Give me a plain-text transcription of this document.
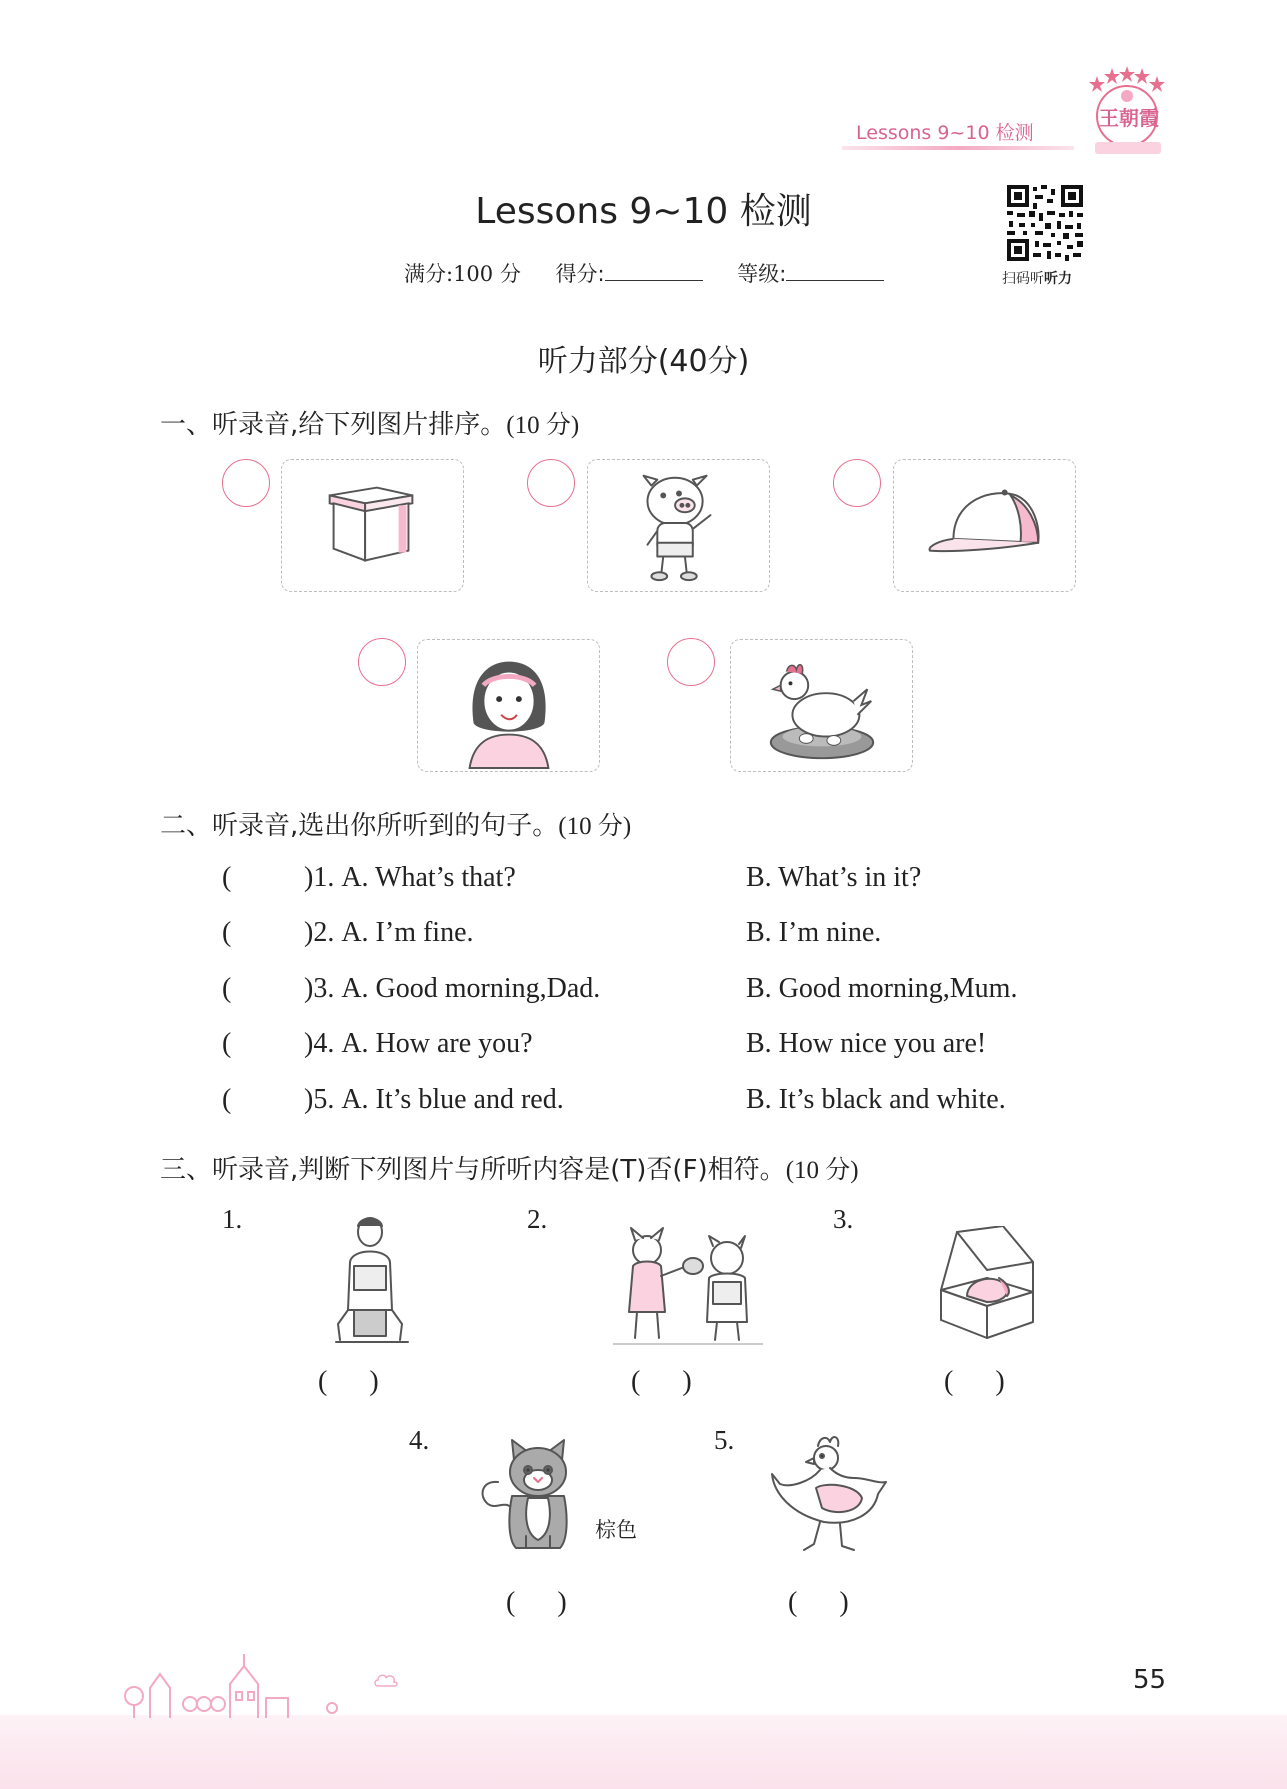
Lessons 9~10 检测
王朝霞
Lessons 9~10 检测
满分:100 分 得分:	等级:	扫码听听力
听力部分(40分)
一、听录音,给下列图片排序。(10 分)
二、听录音,选出你所听到的句子。(10 分)
(	)1. A. What’s that?	B. What’s in it?
(	)2. A. I’m fine.	B. I’m nine.
(	)3. A. Good morning,Dad.	B. Good morning,Mum.
(	)4. A. How are you?	B. How nice you are!
(	)5. A. It’s blue and red.	B. It’s black and white.
三、听录音,判断下列图片与所听内容是(T)否(F)相符。(10 分)
1.
(      )
2.
(      )
3.
(      )
4.
棕色
(      )
5.
(      )
55
